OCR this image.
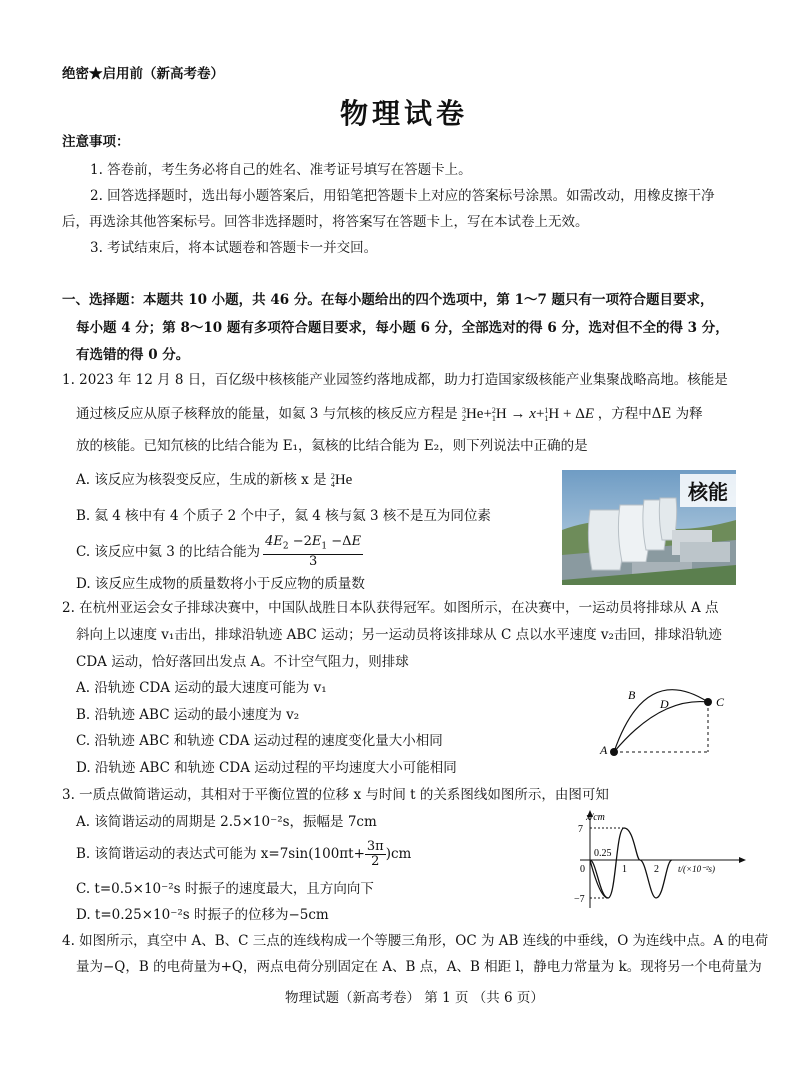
绝密★启用前（新高考卷）
物理试卷
注意事项：
1. 答卷前，考生务必将自己的姓名、准考证号填写在答题卡上。
2. 回答选择题时，选出每小题答案后，用铅笔把答题卡上对应的答案标号涂黑。如需改动，用橡皮擦干净
后，再选涂其他答案标号。回答非选择题时，将答案写在答题卡上，写在本试卷上无效。
3. 考试结束后，将本试题卷和答题卡一并交回。
一、选择题：本题共 10 小题，共 46 分。在每小题给出的四个选项中，第 1～7 题只有一项符合题目要求，
每小题 4 分；第 8～10 题有多项符合题目要求，每小题 6 分，全部选对的得 6 分，选对但不全的得 3 分，
有选错的得 0 分。
1. 2023 年 12 月 8 日，百亿级中核核能产业园签约落地成都，助力打造国家级核能产业集聚战略高地。核能是
通过核反应从原子核释放的能量，如氦 3 与氘核的核反应方程是 3
2 He+ 2
1 H → x+ 1
1 H + ΔE ，方程中ΔE 为释
放的核能。已知氘核的比结合能为 E₁，氦核的比结合能为 E₂，则下列说法中正确的是
A. 该反应为核裂变反应，生成的新核 x 是 2
4 He
B. 氦 4 核中有 4 个质子 2 个中子，氦 4 核与氦 3 核不是互为同位素
C. 该反应中氦 3 的比结合能为 $\frac{4E_2 -2E_1 -\Delta E}{3}$
D. 该反应生成物的质量数将小于反应物的质量数
核能
2. 在杭州亚运会女子排球决赛中，中国队战胜日本队获得冠军。如图所示，在决赛中，一运动员将排球从 A 点
斜向上以速度 v₁击出，排球沿轨迹 ABC 运动；另一运动员将该排球从 C 点以水平速度 v₂击回，排球沿轨迹
CDA 运动，恰好落回出发点 A。不计空气阻力，则排球
A. 沿轨迹 CDA 运动的最大速度可能为 v₁
B. 沿轨迹 ABC 运动的最小速度为 v₂
C. 沿轨迹 ABC 和轨迹 CDA 运动过程的速度变化量大小相同
D. 沿轨迹 ABC 和轨迹 CDA 运动过程的平均速度大小可能相同
A
B	C
D
3. 一质点做简谐运动，其相对于平衡位置的位移 x 与时间 t 的关系图线如图所示，由图可知
A. 该简谐运动的周期是 2.5×10⁻²s，振幅是 7cm
B. 该简谐运动的表达式可能为 $x=7\sin(100\pi t+ \frac{3\pi}{2} )cm$
C. t=0.5×10⁻²s 时振子的速度最大，且方向向下
D. t=0.25×10⁻²s 时振子的位移为−5cm
x/cm
7
−7
0
0.25
1	2 t/(×10⁻²s)
4. 如图所示，真空中 A、B、C 三点的连线构成一个等腰三角形，OC 为 AB 连线的中垂线，O 为连线中点。A 的电荷
量为−Q，B 的电荷量为+Q，两点电荷分别固定在 A、B 点，A、B 相距 l，静电力常量为 k。现将另一个电荷量为
物理试题（新高考卷） 第 1 页 （共 6 页）
